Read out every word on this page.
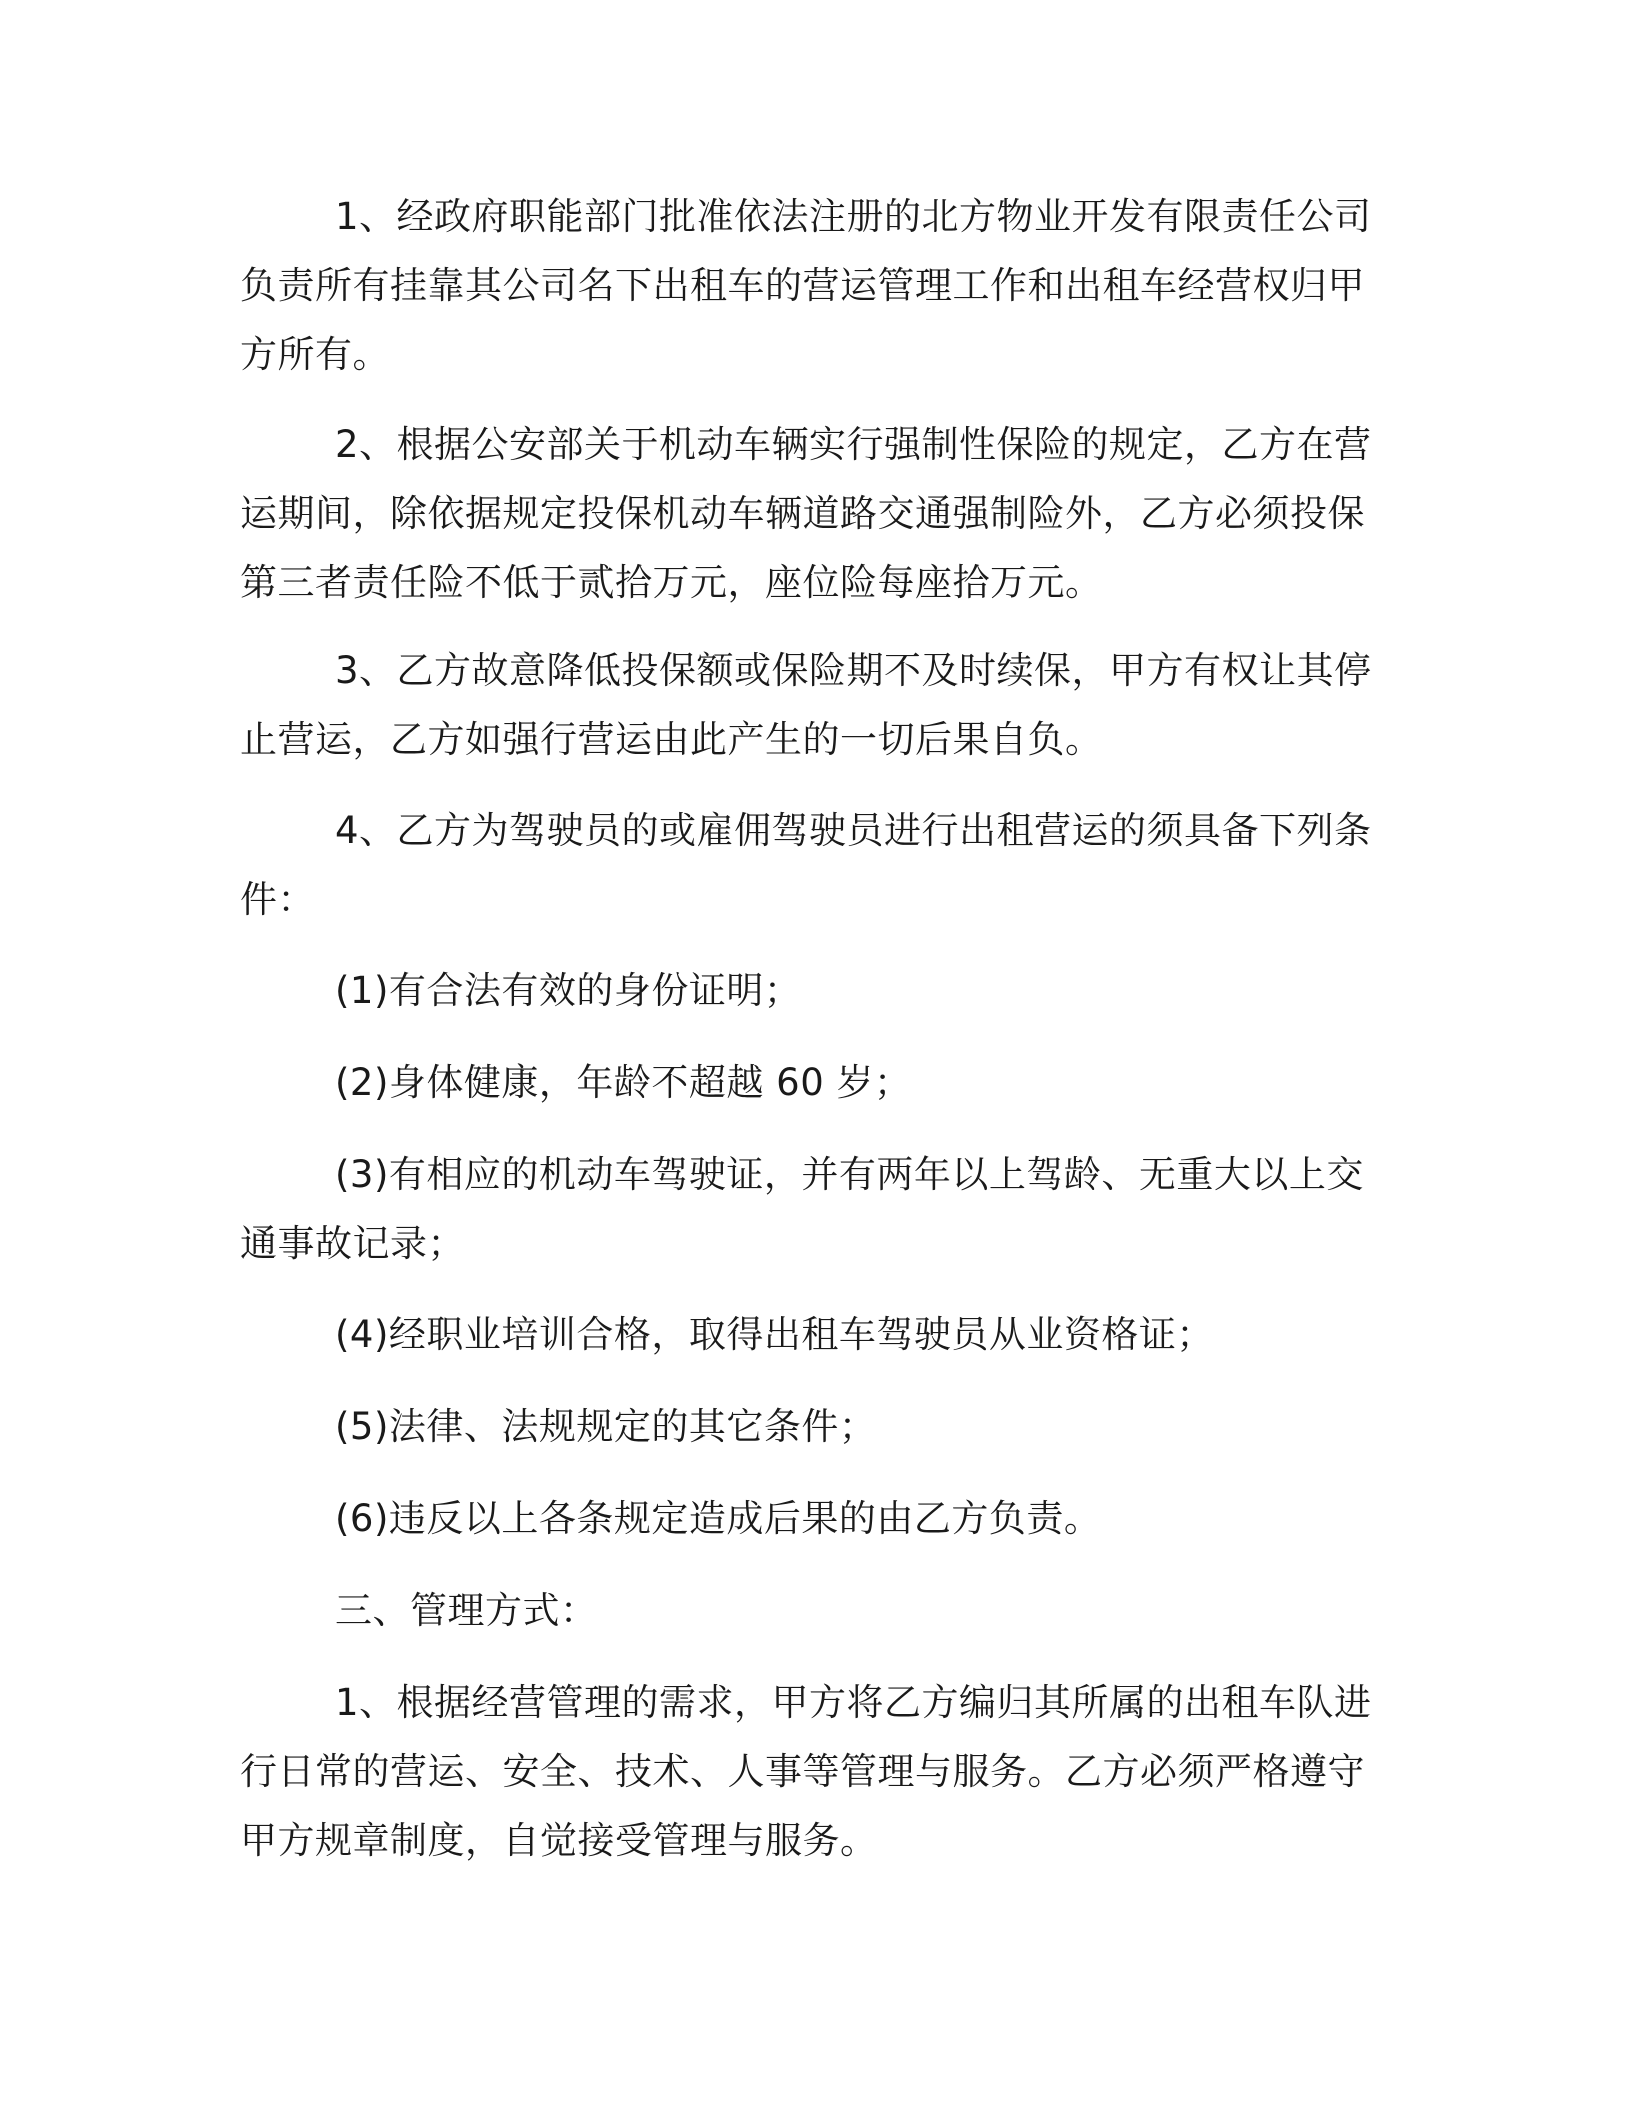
1、经政府职能部门批准依法注册的北方物业开发有限责任公司负责所有挂靠其公司名下出租车的营运管理工作和出租车经营权归甲方所有。

2、根据公安部关于机动车辆实行强制性保险的规定，乙方在营运期间，除依据规定投保机动车辆道路交通强制险外，乙方必须投保第三者责任险不低于贰拾万元，座位险每座拾万元。

3、乙方故意降低投保额或保险期不及时续保，甲方有权让其停止营运，乙方如强行营运由此产生的一切后果自负。

4、乙方为驾驶员的或雇佣驾驶员进行出租营运的须具备下列条件：

(1)有合法有效的身份证明；

(2)身体健康，年龄不超越 60 岁；

(3)有相应的机动车驾驶证，并有两年以上驾龄、无重大以上交通事故记录；

(4)经职业培训合格，取得出租车驾驶员从业资格证；

(5)法律、法规规定的其它条件；

(6)违反以上各条规定造成后果的由乙方负责。

三、管理方式：

1、根据经营管理的需求，甲方将乙方编归其所属的出租车队进行日常的营运、安全、技术、人事等管理与服务。乙方必须严格遵守甲方规章制度，自觉接受管理与服务。
